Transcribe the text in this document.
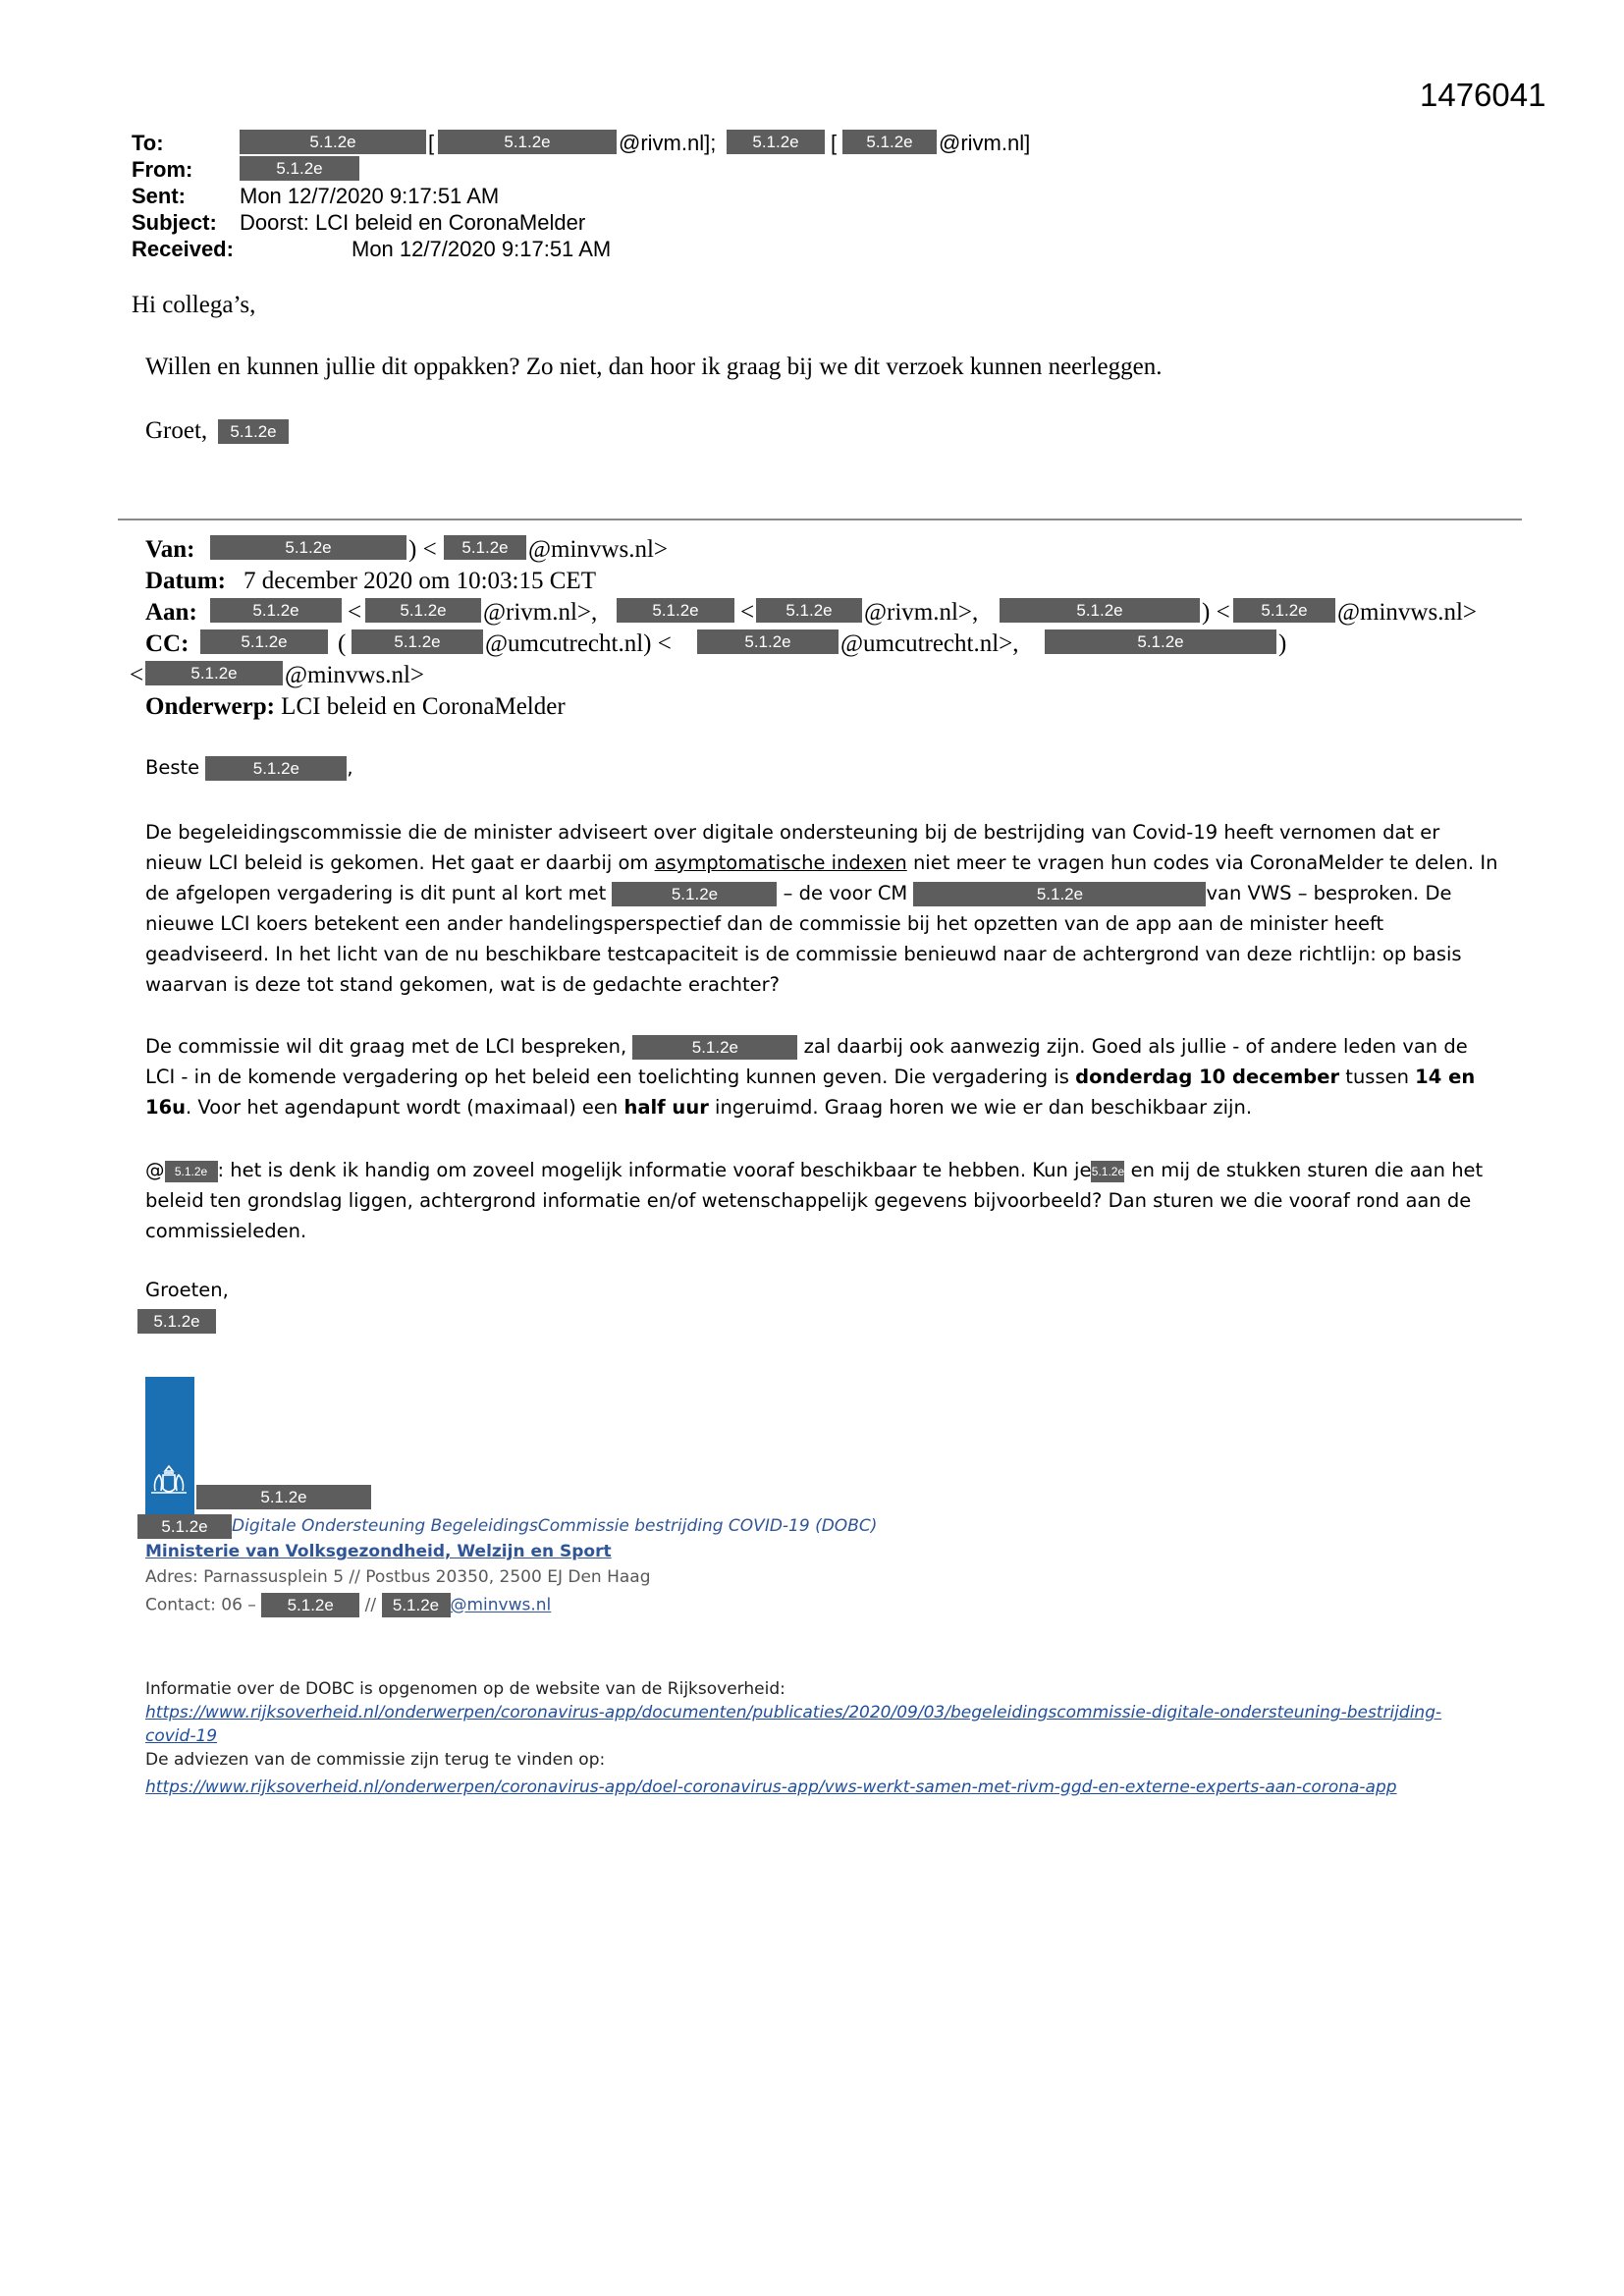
1476041
To:	5.1.2e	[	5.1.2e	@rivm.nl];	5.1.2e	[	5.1.2e	@rivm.nl]
From:	5.1.2e
Sent:	Mon 12/7/2020 9:17:51 AM
Subject: Doorst: LCI beleid en CoronaMelder
Received:	Mon 12/7/2020 9:17:51 AM
Hi collega’s,
Willen en kunnen jullie dit oppakken? Zo niet, dan hoor ik graag bij we dit verzoek kunnen neerleggen.
Groet,	5.1.2e
Van:	5.1.2e	) <	5.1.2e @minvws.nl>
Datum: 7 december 2020 om 10:03:15 CET
Aan:	5.1.2e	<	5.1.2e	@rivm.nl>,	5.1.2e	<	5.1.2e	@rivm.nl>,	5.1.2e	) <	5.1.2e	@minvws.nl>
CC:	5.1.2e	(	5.1.2e	@umcutrecht.nl) <	5.1.2e	@umcutrecht.nl>,	5.1.2e	)
<	5.1.2e	@minvws.nl>
Onderwerp: LCI beleid en CoronaMelder
Beste	5.1.2e ,

De begeleidingscommissie die de minister adviseert over digitale ondersteuning bij de bestrijding van Covid-19 heeft vernomen dat er nieuw LCI beleid is gekomen. Het gaat er daarbij om asymptomatische indexen niet meer te vragen hun codes via CoronaMelder te delen. In de afgelopen vergadering is dit punt al kort met	5.1.2e	– de voor CM	5.1.2e	van VWS – besproken. De nieuwe LCI koers betekent een ander handelingsperspectief dan de commissie bij het opzetten van de app aan de minister heeft geadviseerd. In het licht van de nu beschikbare testcapaciteit is de commissie benieuwd naar de achtergrond van deze richtlijn: op basis waarvan is deze tot stand gekomen, wat is de gedachte erachter?

De commissie wil dit graag met de LCI bespreken,	5.1.2e	zal daarbij ook aanwezig zijn. Goed als jullie - of andere leden van de LCI - in de komende vergadering op het beleid een toelichting kunnen geven. Die vergadering is donderdag 10 december tussen 14 en 16u. Voor het agendapunt wordt (maximaal) een half uur ingeruimd. Graag horen we wie er dan beschikbaar zijn.

@ 5.1.2e : het is denk ik handig om zoveel mogelijk informatie vooraf beschikbaar te hebben. Kun je5.1.2e en mij de stukken sturen die aan het beleid ten grondslag liggen, achtergrond informatie en/of wetenschappelijk gegevens bijvoorbeeld? Dan sturen we die vooraf rond aan de commissieleden.

Groeten,
5.1.2e
5.1.2e
5.1.2e	Digitale Ondersteuning BegeleidingsCommissie bestrijding COVID-19 (DOBC)
Ministerie van Volksgezondheid, Welzijn en Sport
Adres: Parnassusplein 5 // Postbus 20350, 2500 EJ Den Haag
Contact: 06 – 5.1.2e // 5.1.2e @minvws.nl
Informatie over de DOBC is opgenomen op de website van de Rijksoverheid:
https://www.rijksoverheid.nl/onderwerpen/coronavirus-app/documenten/publicaties/2020/09/03/begeleidingscommissie-digitale-ondersteuning-bestrijding-
covid-19
De adviezen van de commissie zijn terug te vinden op:
https://www.rijksoverheid.nl/onderwerpen/coronavirus-app/doel-coronavirus-app/vws-werkt-samen-met-rivm-ggd-en-externe-experts-aan-corona-app
